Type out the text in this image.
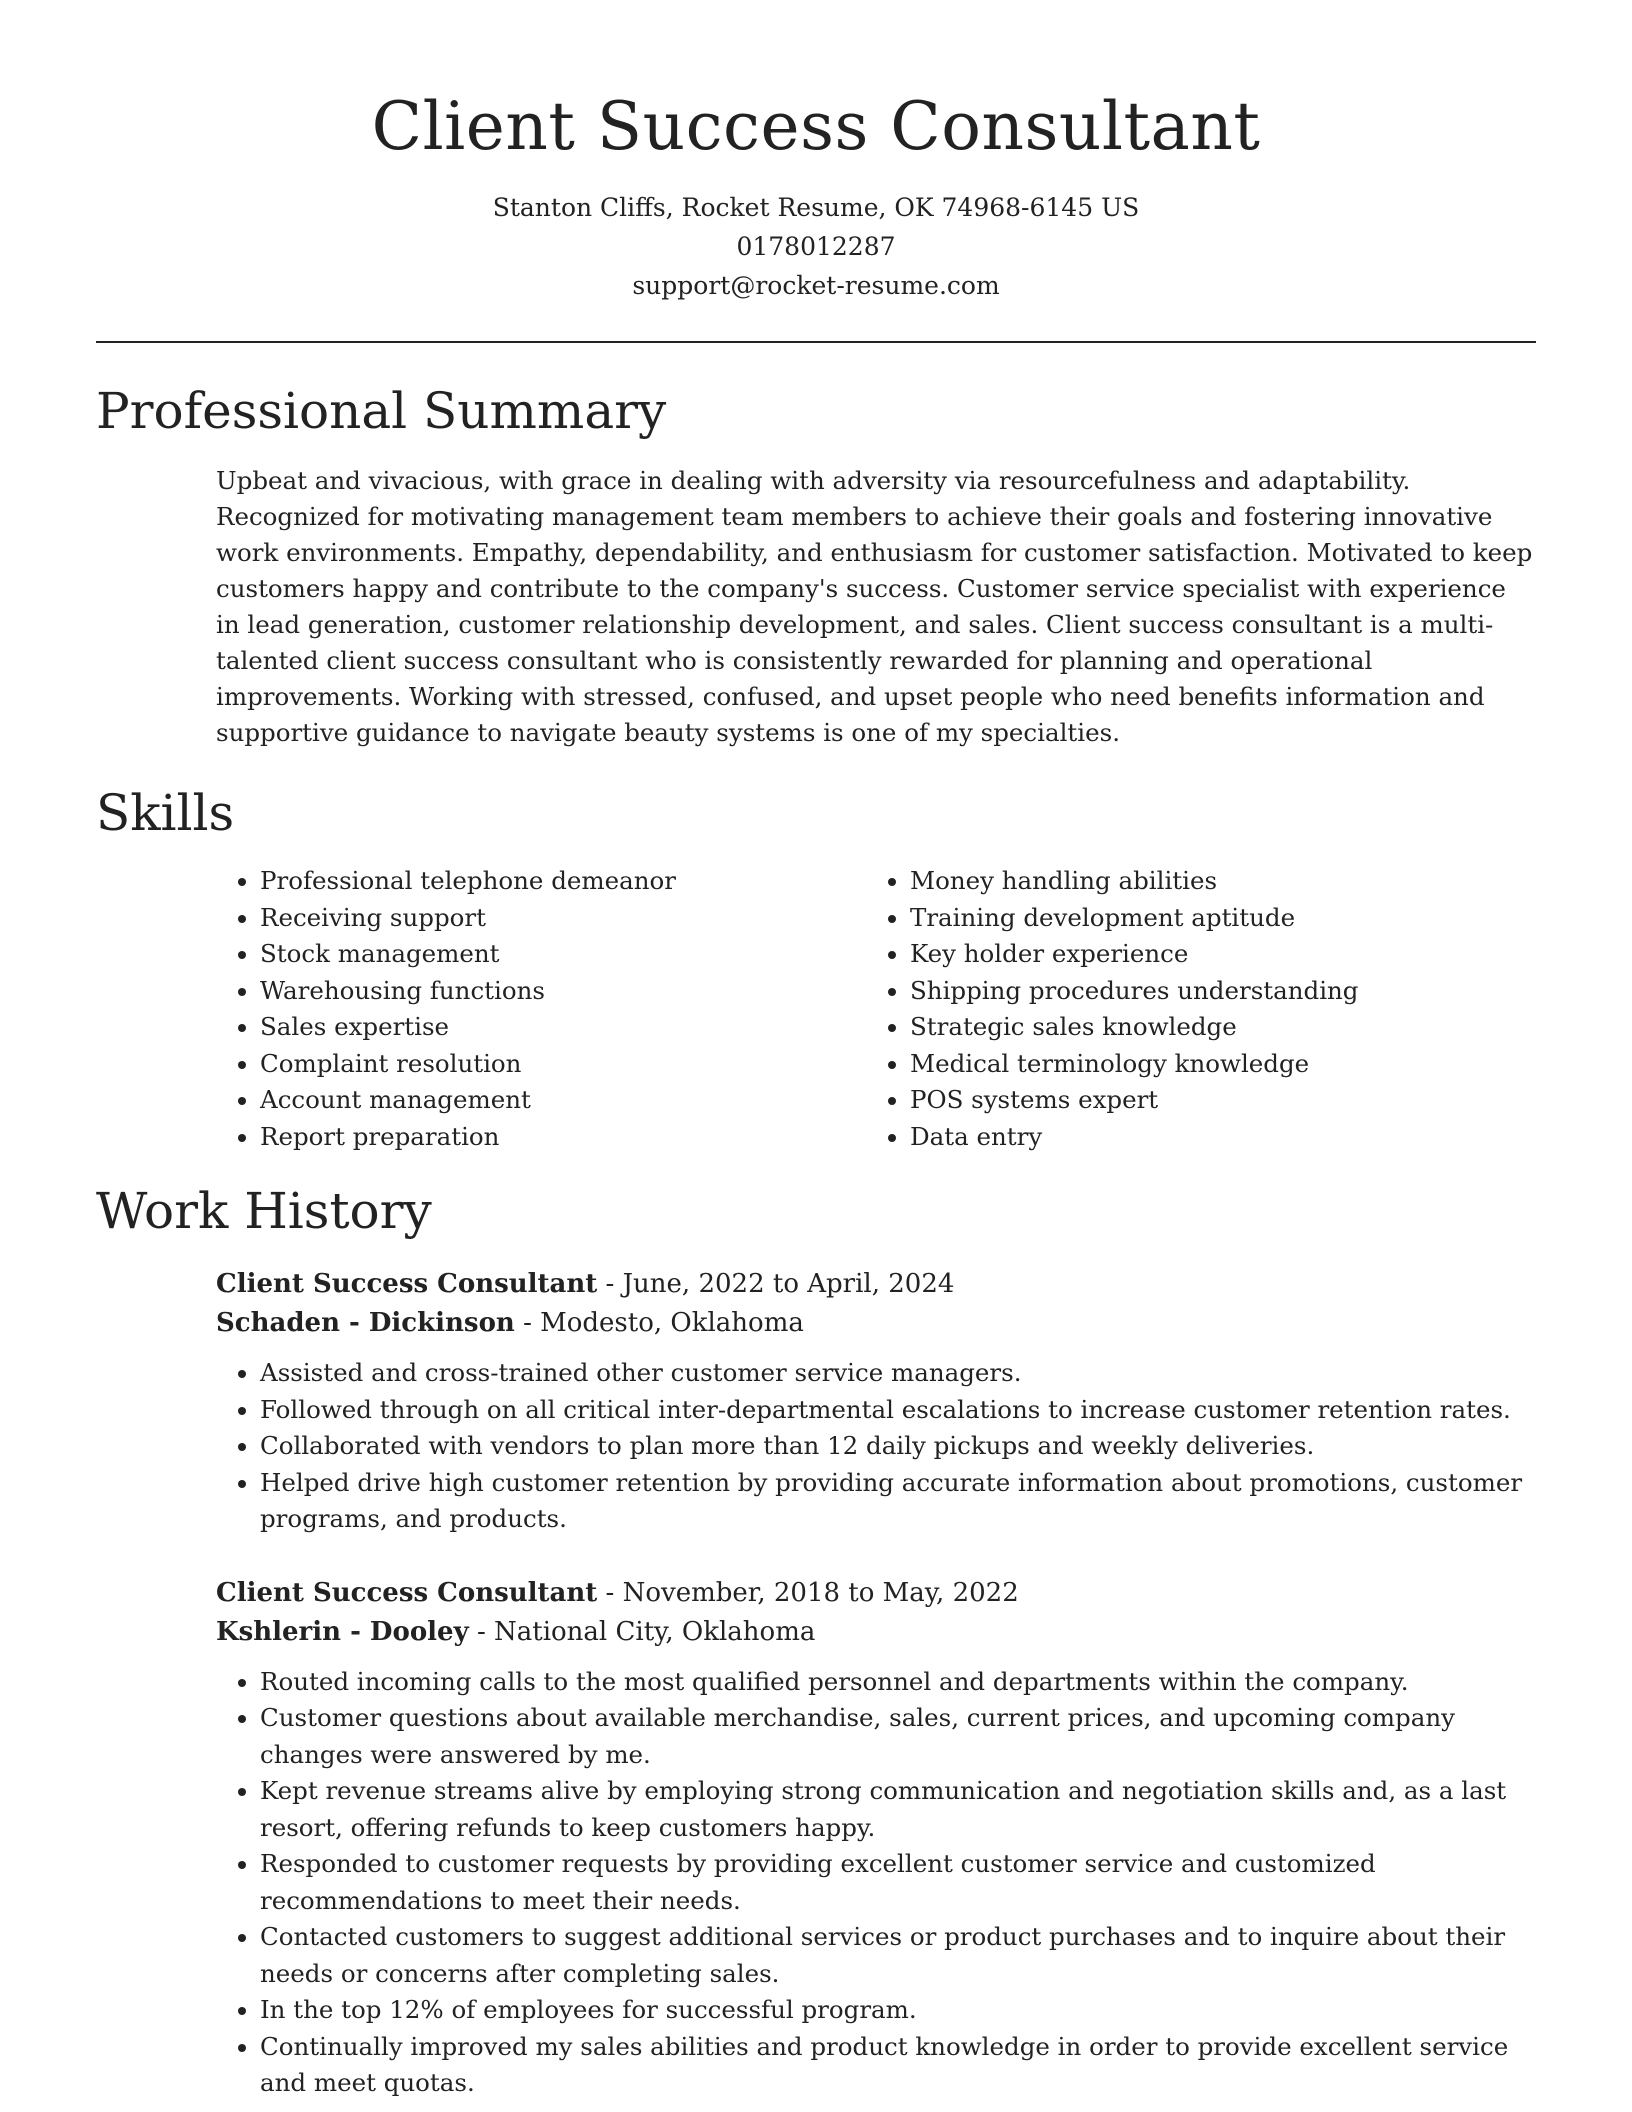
Client Success Consultant
Stanton Cliffs, Rocket Resume, OK 74968-6145 US
0178012287
support@rocket-resume.com
Professional Summary

Upbeat and vivacious, with grace in dealing with adversity via resourcefulness and adaptability. Recognized for motivating management team members to achieve their goals and fostering innovative work environments. Empathy, dependability, and enthusiasm for customer satisfaction. Motivated to keep customers happy and contribute to the company's success. Customer service specialist with experience in lead generation, customer relationship development, and sales. Client success consultant is a multi-talented client success consultant who is consistently rewarded for planning and operational improvements. Working with stressed, confused, and upset people who need benefits information and supportive guidance to navigate beauty systems is one of my specialties.

Skills
• Professional telephone demeanor
• Receiving support
• Stock management
• Warehousing functions
• Sales expertise
• Complaint resolution
• Account management
• Report preparation
• Money handling abilities
• Training development aptitude
• Key holder experience
• Shipping procedures understanding
• Strategic sales knowledge
• Medical terminology knowledge
• POS systems expert
• Data entry
Work History
Client Success Consultant - June, 2022 to April, 2024
Schaden - Dickinson - Modesto, Oklahoma
• Assisted and cross-trained other customer service managers.
• Followed through on all critical inter-departmental escalations to increase customer retention rates.
• Collaborated with vendors to plan more than 12 daily pickups and weekly deliveries.
• Helped drive high customer retention by providing accurate information about promotions, customer programs, and products.
Client Success Consultant - November, 2018 to May, 2022
Kshlerin - Dooley - National City, Oklahoma
• Routed incoming calls to the most qualified personnel and departments within the company.
• Customer questions about available merchandise, sales, current prices, and upcoming company changes were answered by me.
• Kept revenue streams alive by employing strong communication and negotiation skills and, as a last resort, offering refunds to keep customers happy.
• Responded to customer requests by providing excellent customer service and customized recommendations to meet their needs.
• Contacted customers to suggest additional services or product purchases and to inquire about their needs or concerns after completing sales.
• In the top 12% of employees for successful program.
• Continually improved my sales abilities and product knowledge in order to provide excellent service and meet quotas.
